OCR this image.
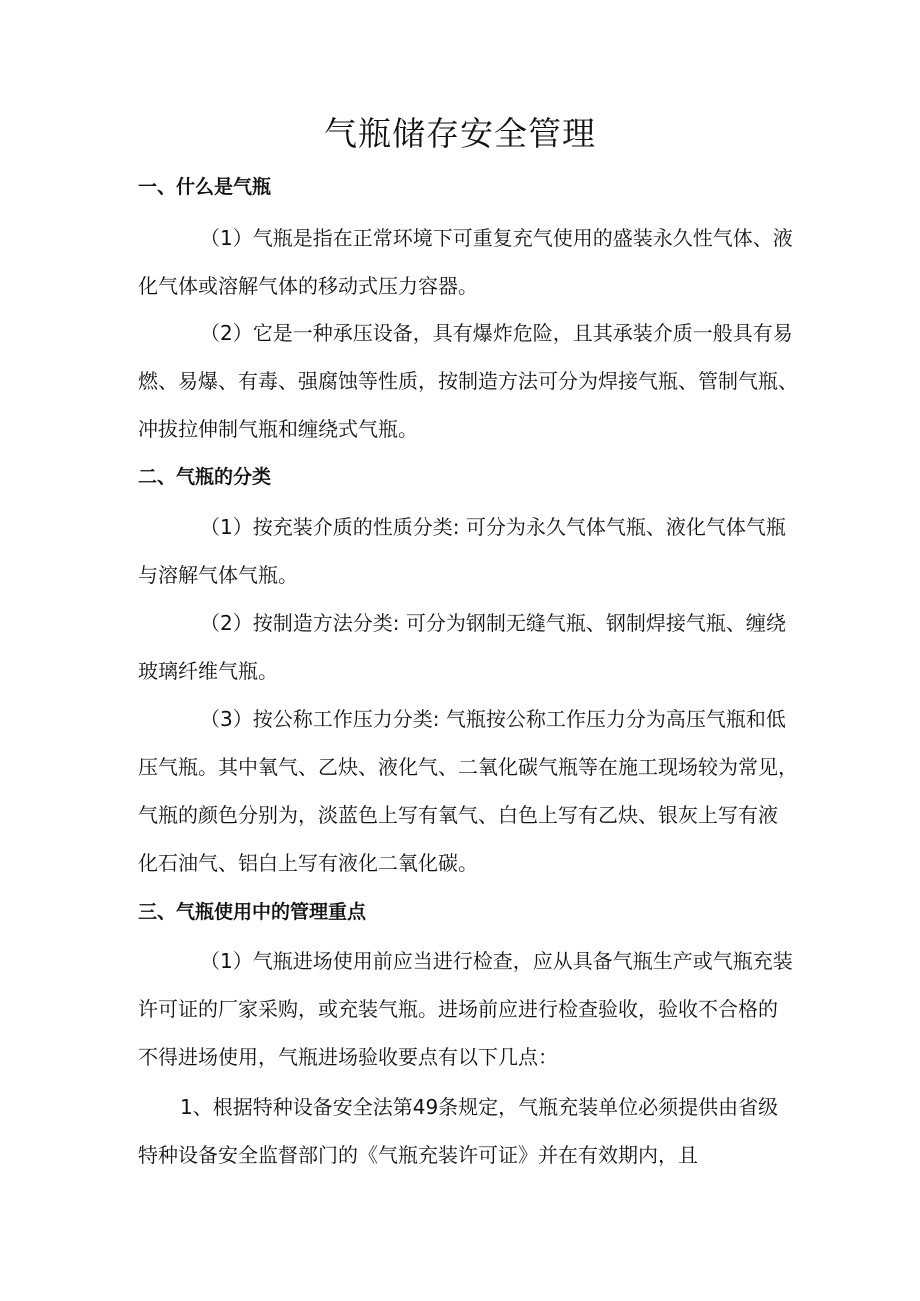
气瓶储存安全管理

一、什么是气瓶

（1）气瓶是指在正常环境下可重复充气使用的盛装永久性气体、液

化气体或溶解气体的移动式压力容器。

（2）它是一种承压设备，具有爆炸危险，且其承装介质一般具有易

燃、易爆、有毒、强腐蚀等性质，按制造方法可分为焊接气瓶、管制气瓶、

冲拔拉伸制气瓶和缠绕式气瓶。

二、气瓶的分类

（1）按充装介质的性质分类: 可分为永久气体气瓶、液化气体气瓶

与溶解气体气瓶。

（2）按制造方法分类: 可分为钢制无缝气瓶、钢制焊接气瓶、缠绕

玻璃纤维气瓶。

（3）按公称工作压力分类: 气瓶按公称工作压力分为高压气瓶和低

压气瓶。其中氧气、乙炔、液化气、二氧化碳气瓶等在施工现场较为常见，

气瓶的颜色分别为，淡蓝色上写有氧气、白色上写有乙炔、银灰上写有液

化石油气、铝白上写有液化二氧化碳。

三、气瓶使用中的管理重点

（1）气瓶进场使用前应当进行检查，应从具备气瓶生产或气瓶充装

许可证的厂家采购，或充装气瓶。进场前应进行检查验收，验收不合格的

不得进场使用，气瓶进场验收要点有以下几点：

1、根据特种设备安全法第49条规定，气瓶充装单位必须提供由省级

特种设备安全监督部门的《气瓶充装许可证》并在有效期内，且
